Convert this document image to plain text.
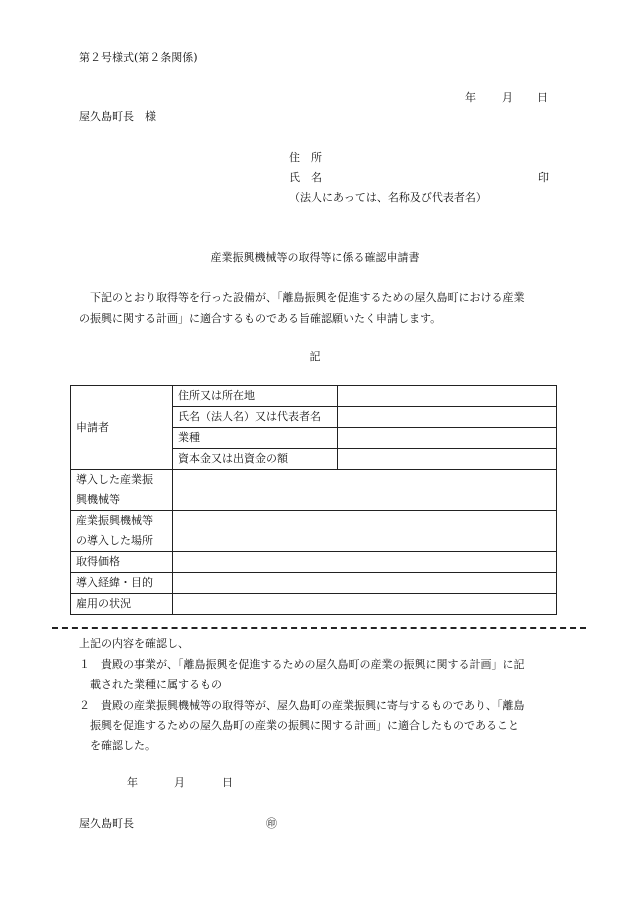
第２号様式(第２条関係)
年 月 日
屋久島町長　様
住　所
氏　名	印
（法人にあっては、名称及び代表者名）
産業振興機械等の取得等に係る確認申請書
下記のとおり取得等を行った設備が、「離島振興を促進するための屋久島町における産業
の振興に関する計画」に適合するものである旨確認願いたく申請します。
記
申請者	住所又は所在地	
	氏名（法人名）又は代表者名	
	業種	
	資本金又は出資金の額	

導入した産業振
興機械等		

産業振興機械等
の導入した場所		

取得価格		
導入経緯・目的		
雇用の状況		
上記の内容を確認し、
１　貴殿の事業が、「離島振興を促進するための屋久島町の産業の振興に関する計画」に記
載された業種に属するもの
２　貴殿の産業振興機械等の取得等が、屋久島町の産業振興に寄与するものであり、「離島
振興を促進するための屋久島町の産業の振興に関する計画」に適合したものであること
を確認した。
年	月	日
屋久島町長	㊞
